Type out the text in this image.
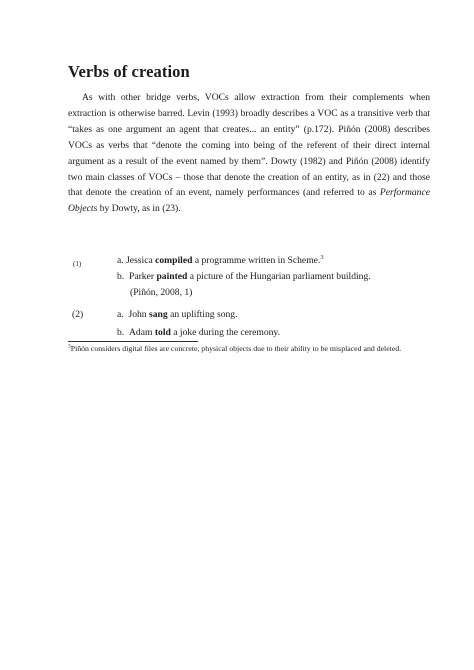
Verbs of creation
As with other bridge verbs, VOCs allow extraction from their complements when extraction is otherwise barred. Levin (1993) broadly describes a VOC as a transitive verb that “takes as one argument an agent that creates... an entity” (p.172). Piñón (2008) describes VOCs as verbs that “denote the coming into being of the referent of their direct internal argument as a result of the event named by them”. Dowty (1982) and Piñón (2008) identify two main classes of VOCs – those that denote the creation of an entity, as in (22) and those that denote the creation of an event, namely performances (and referred to as Performance Objects by Dowty, as in (23).
(1)	a. Jessica compiled a programme written in Scheme.$^3$
b. Parker painted a picture of the Hungarian parliament building.
(Piñón, 2008, 1)
(2)	a. John sang an uplifting song.
b. Adam told a joke during the ceremony.
$^3$Piñón considers digital files are concrete, physical objects due to their ability to be misplaced and deleted.
